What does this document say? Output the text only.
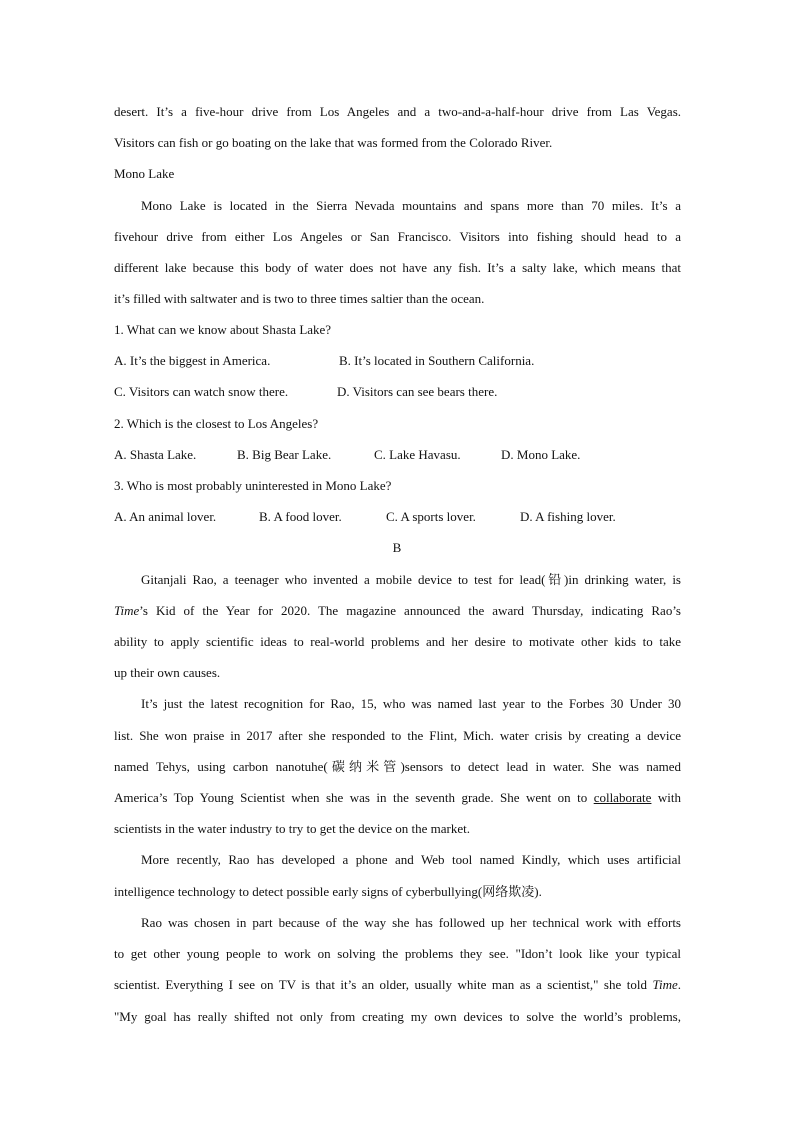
desert. It’s a five-hour drive from Los Angeles and a two-and-a-half-hour drive from Las Vegas.
Visitors can fish or go boating on the lake that was formed from the Colorado River.
Mono Lake
Mono Lake is located in the Sierra Nevada mountains and spans more than 70 miles. It’s a
fivehour drive from either Los Angeles or San Francisco. Visitors into fishing should head to a
different lake because this body of water does not have any fish. It’s a salty lake, which means that
it’s filled with saltwater and is two to three times saltier than the ocean.
1. What can we know about Shasta Lake?
A. It’s the biggest in America.	B. It’s located in Southern California.
C. Visitors can watch snow there.	D. Visitors can see bears there.
2. Which is the closest to Los Angeles?
A. Shasta Lake.	B. Big Bear Lake.	C. Lake Havasu.	D. Mono Lake.
3. Who is most probably uninterested in Mono Lake?
A. An animal lover.	B. A food lover.	C. A sports lover.	D. A fishing lover.
B
Gitanjali Rao, a teenager who invented a mobile device to test for lead(铅)in drinking water, is
Time’s Kid of the Year for 2020. The magazine announced the award Thursday, indicating Rao’s
ability to apply scientific ideas to real-world problems and her desire to motivate other kids to take
up their own causes.
It’s just the latest recognition for Rao, 15, who was named last year to the Forbes 30 Under 30
list. She won praise in 2017 after she responded to the Flint, Mich. water crisis by creating a device
named Tehys, using carbon nanotuhe(碳纳米管)sensors to detect lead in water. She was named
America’s Top Young Scientist when she was in the seventh grade. She went on to collaborate with
scientists in the water industry to try to get the device on the market.
More recently, Rao has developed a phone and Web tool named Kindly, which uses artificial
intelligence technology to detect possible early signs of cyberbullying(网络欺凌).
Rao was chosen in part because of the way she has followed up her technical work with efforts
to get other young people to work on solving the problems they see. "Idon’t look like your typical
scientist. Everything I see on TV is that it’s an older, usually white man as a scientist," she told Time.
"My goal has really shifted not only from creating my own devices to solve the world’s problems,
